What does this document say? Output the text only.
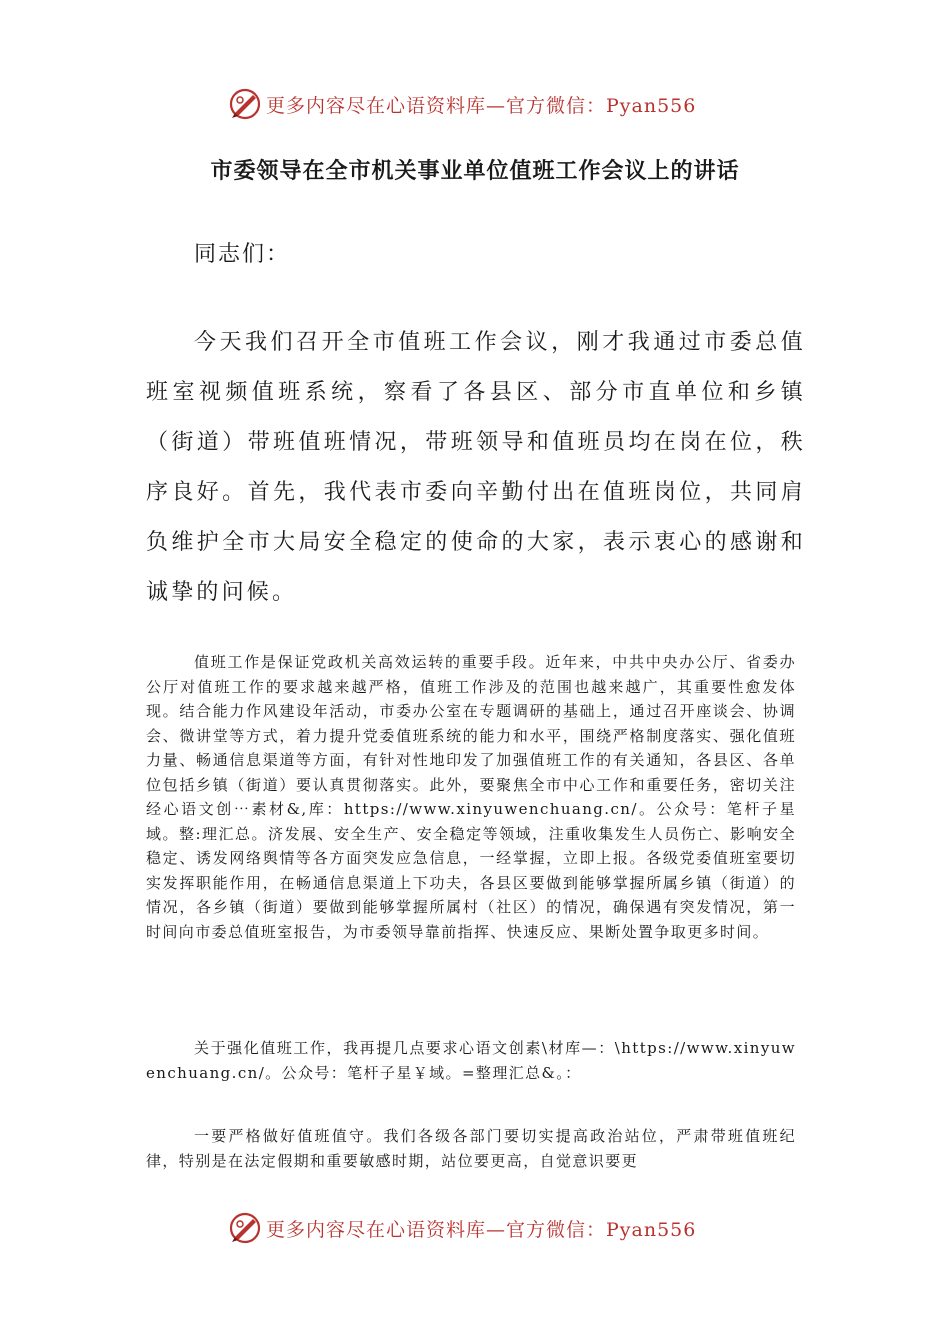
更多内容尽在心语资料库—官方微信：Pyan556
市委领导在全市机关事业单位值班工作会议上的讲话

同志们：

今天我们召开全市值班工作会议，刚才我通过市委总值班室视频值班系统，察看了各县区、部分市直单位和乡镇（街道）带班值班情况，带班领导和值班员均在岗在位，秩序良好。首先，我代表市委向辛勤付出在值班岗位，共同肩负维护全市大局安全稳定的使命的大家，表示衷心的感谢和诚挚的问候。

值班工作是保证党政机关高效运转的重要手段。近年来，中共中央办公厅、省委办公厅对值班工作的要求越来越严格，值班工作涉及的范围也越来越广，其重要性愈发体现。结合能力作风建设年活动，市委办公室在专题调研的基础上，通过召开座谈会、协调会、微讲堂等方式，着力提升党委值班系统的能力和水平，围绕严格制度落实、强化值班力量、畅通信息渠道等方面，有针对性地印发了加强值班工作的有关通知，各县区、各单位包括乡镇（街道）要认真贯彻落实。此外，要聚焦全市中心工作和重要任务，密切关注经心语文创⋯素材&,库：https://www.xinyuwenchuang.cn/。公众号：笔杆子星域。整:理汇总。济发展、安全生产、安全稳定等领域，注重收集发生人员伤亡、影响安全稳定、诱发网络舆情等各方面突发应急信息，一经掌握，立即上报。各级党委值班室要切实发挥职能作用，在畅通信息渠道上下功夫，各县区要做到能够掌握所属乡镇（街道）的情况，各乡镇（街道）要做到能够掌握所属村（社区）的情况，确保遇有突发情况，第一时间向市委总值班室报告，为市委领导靠前指挥、快速反应、果断处置争取更多时间。

关于强化值班工作，我再提几点要求心语文创素\材库—：\https://www.xinyuwenchuang.cn/。公众号：笔杆子星￥域。=整理汇总&。：

一要严格做好值班值守。我们各级各部门要切实提高政治站位，严肃带班值班纪律，特别是在法定假期和重要敏感时期，站位要更高，自觉意识要更

更多内容尽在心语资料库—官方微信：Pyan556
